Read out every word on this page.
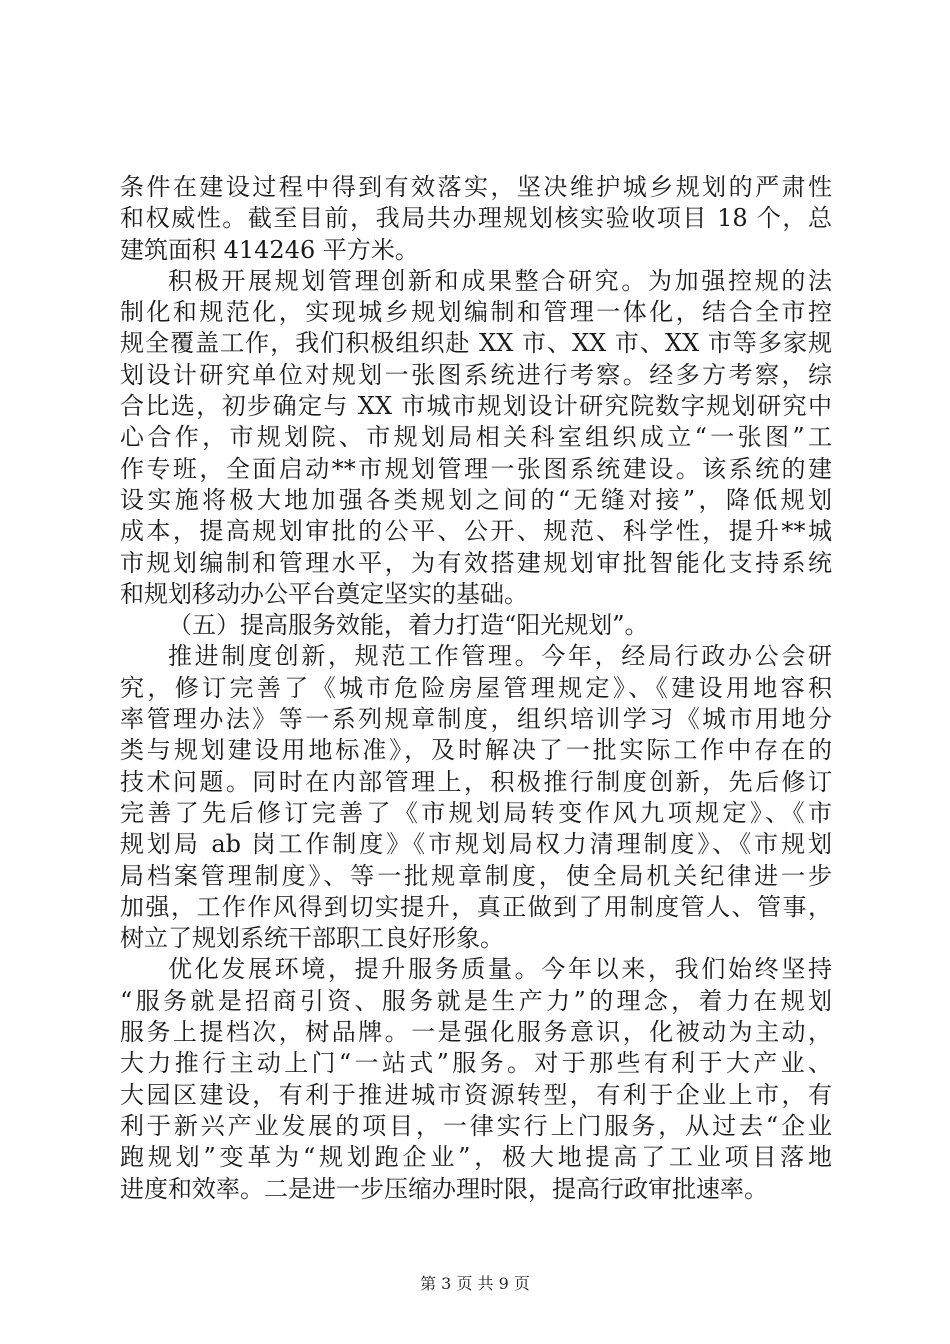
条件在建设过程中得到有效落实，坚决维护城乡规划的严肃性
和权威性。截至目前，我局共办理规划核实验收项目 18 个，总
建筑面积 414246 平方米。
积极开展规划管理创新和成果整合研究。为加强控规的法
制化和规范化，实现城乡规划编制和管理一体化，结合全市控
规全覆盖工作，我们积极组织赴 XX 市、XX 市、XX 市等多家规
划设计研究单位对规划一张图系统进行考察。经多方考察，综
合比选，初步确定与 XX 市城市规划设计研究院数字规划研究中
心合作，市规划院、市规划局相关科室组织成立“一张图”工
作专班，全面启动**市规划管理一张图系统建设。该系统的建
设实施将极大地加强各类规划之间的“无缝对接”，降低规划
成本，提高规划审批的公平、公开、规范、科学性，提升**城
市规划编制和管理水平，为有效搭建规划审批智能化支持系统
和规划移动办公平台奠定坚实的基础。
（五）提高服务效能，着力打造“阳光规划”。
推进制度创新，规范工作管理。今年，经局行政办公会研
究，修订完善了《城市危险房屋管理规定》、《建设用地容积
率管理办法》等一系列规章制度，组织培训学习《城市用地分
类与规划建设用地标准》，及时解决了一批实际工作中存在的
技术问题。同时在内部管理上，积极推行制度创新，先后修订
完善了先后修订完善了《市规划局转变作风九项规定》、《市
规划局 ab 岗工作制度》《市规划局权力清理制度》、《市规划
局档案管理制度》、等一批规章制度，使全局机关纪律进一步
加强，工作作风得到切实提升，真正做到了用制度管人、管事，
树立了规划系统干部职工良好形象。
优化发展环境，提升服务质量。今年以来，我们始终坚持
“服务就是招商引资、服务就是生产力”的理念，着力在规划
服务上提档次，树品牌。一是强化服务意识，化被动为主动，
大力推行主动上门“一站式”服务。对于那些有利于大产业、
大园区建设，有利于推进城市资源转型，有利于企业上市，有
利于新兴产业发展的项目，一律实行上门服务，从过去“企业
跑规划”变革为“规划跑企业”，极大地提高了工业项目落地
进度和效率。二是进一步压缩办理时限，提高行政审批速率。
第 3 页 共 9 页
